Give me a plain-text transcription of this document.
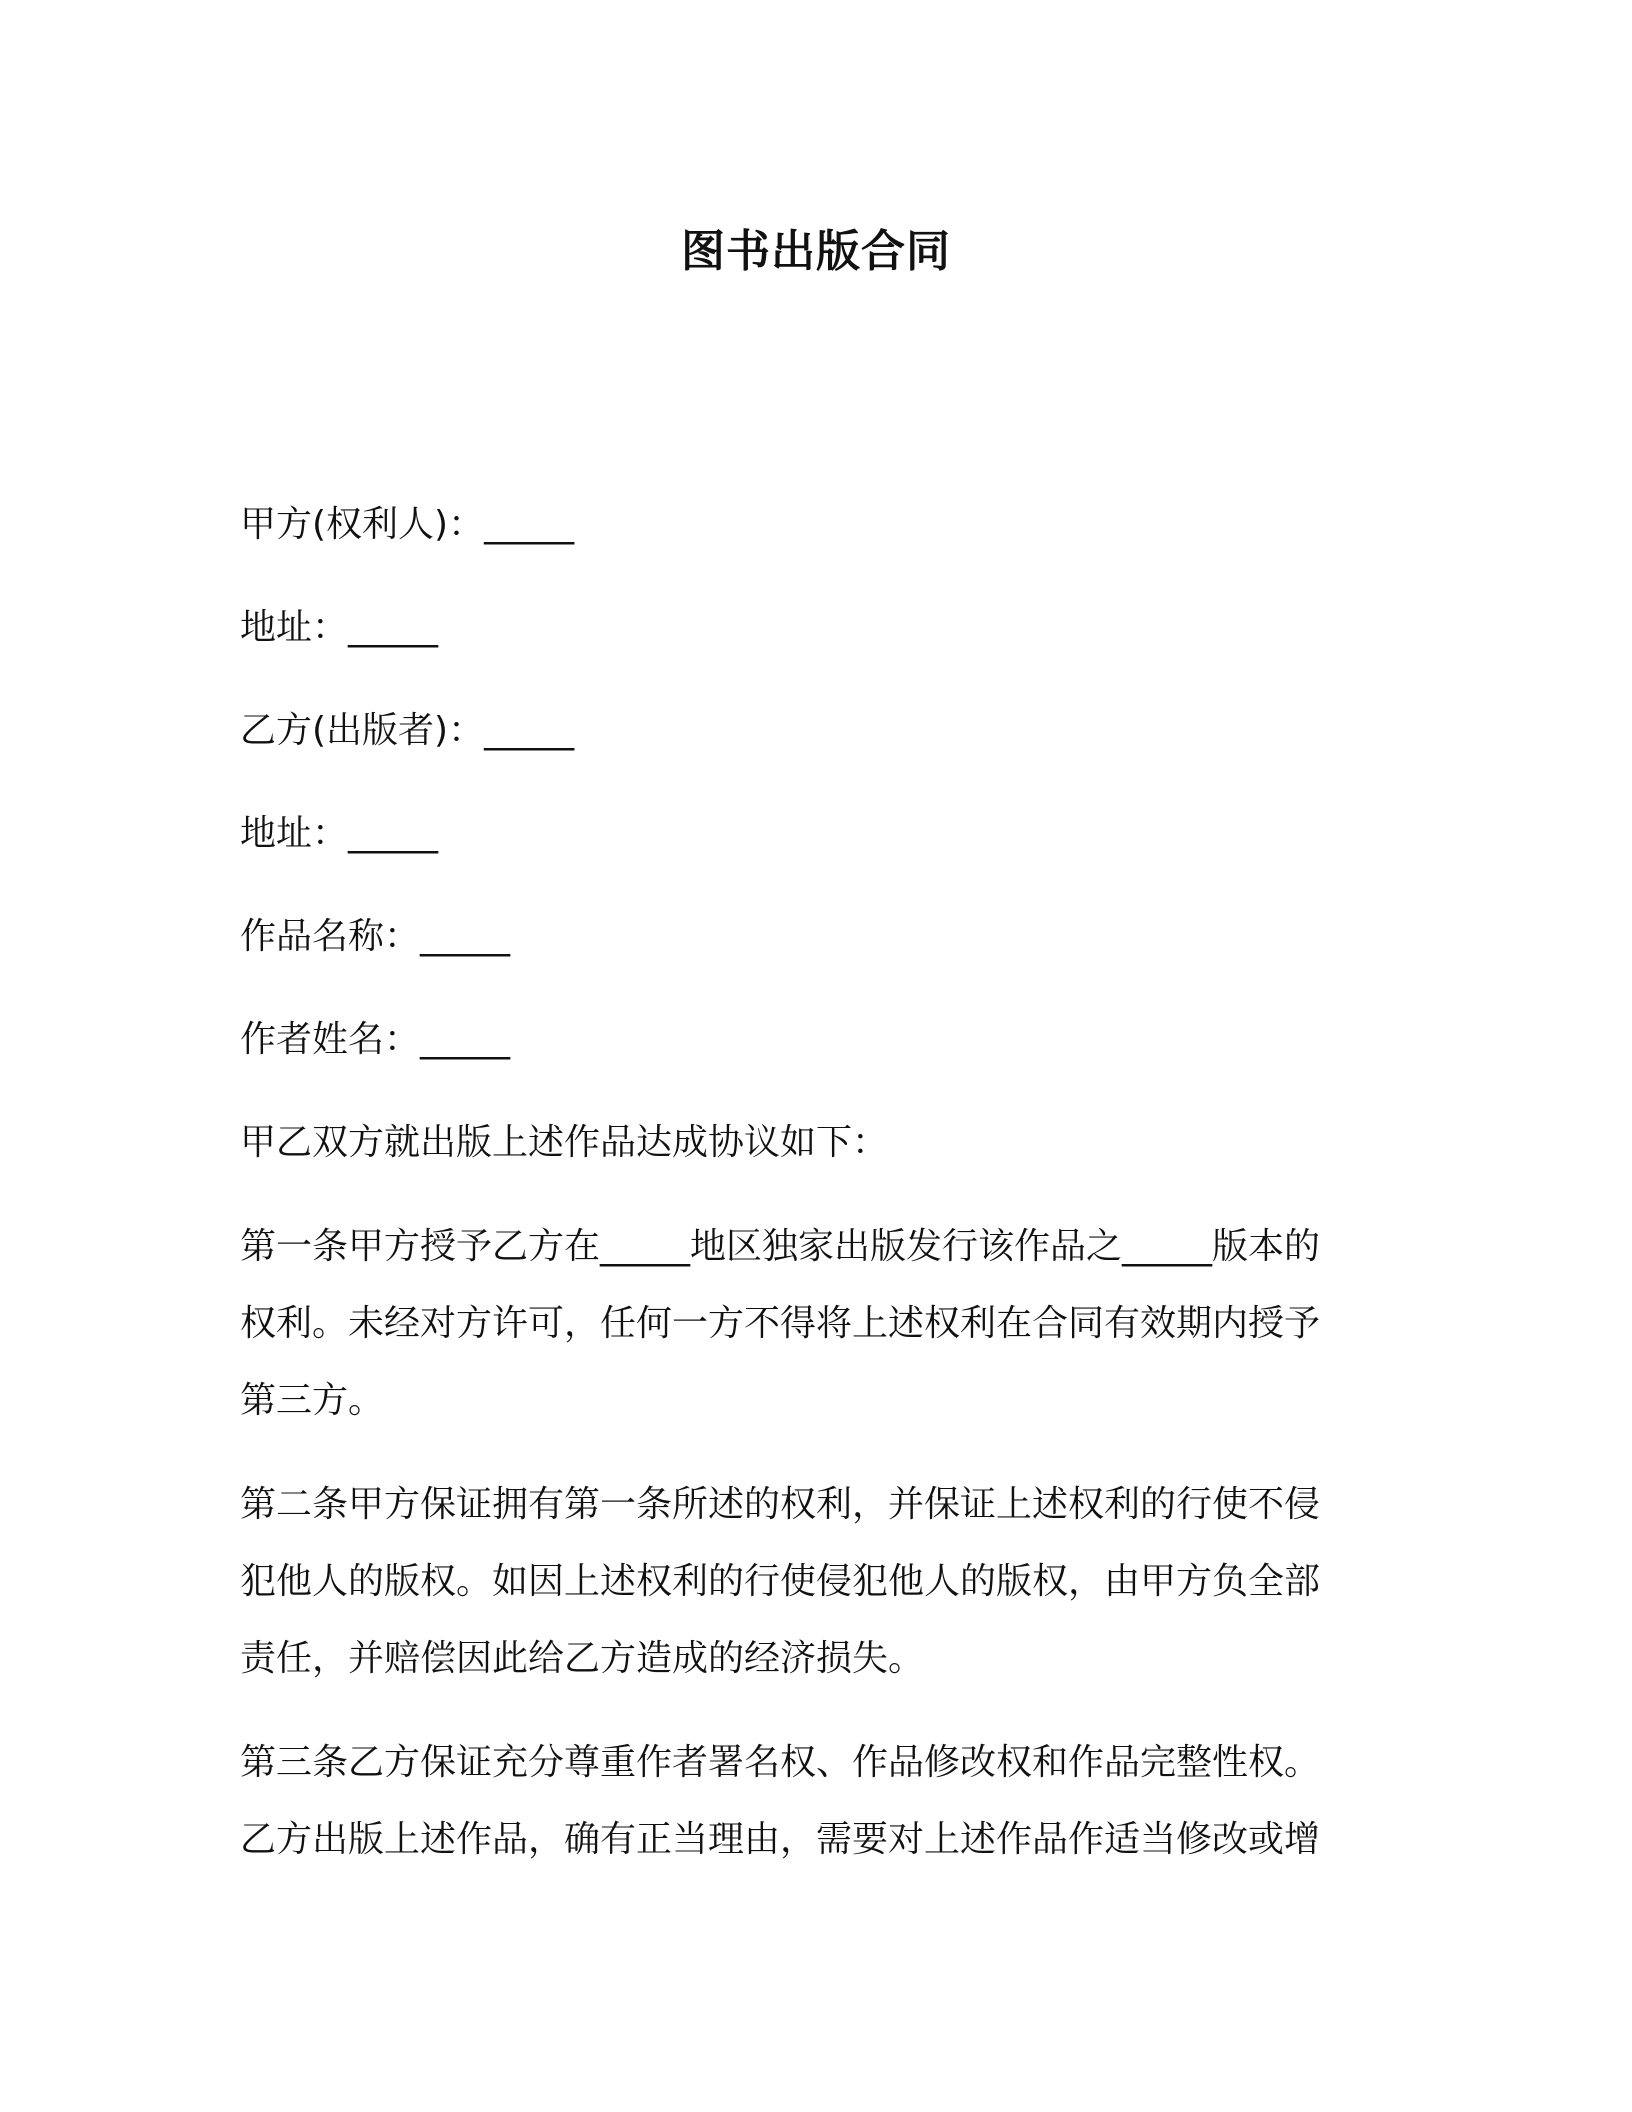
图书出版合同
甲方(权利人)：_____
地址：_____
乙方(出版者)：_____
地址：_____
作品名称：_____
作者姓名：_____
甲乙双方就出版上述作品达成协议如下：
第一条甲方授予乙方在_____地区独家出版发行该作品之_____版本的
权利。未经对方许可，任何一方不得将上述权利在合同有效期内授予
第三方。
第二条甲方保证拥有第一条所述的权利，并保证上述权利的行使不侵
犯他人的版权。如因上述权利的行使侵犯他人的版权，由甲方负全部
责任，并赔偿因此给乙方造成的经济损失。
第三条乙方保证充分尊重作者署名权、作品修改权和作品完整性权。
乙方出版上述作品，确有正当理由，需要对上述作品作适当修改或增
